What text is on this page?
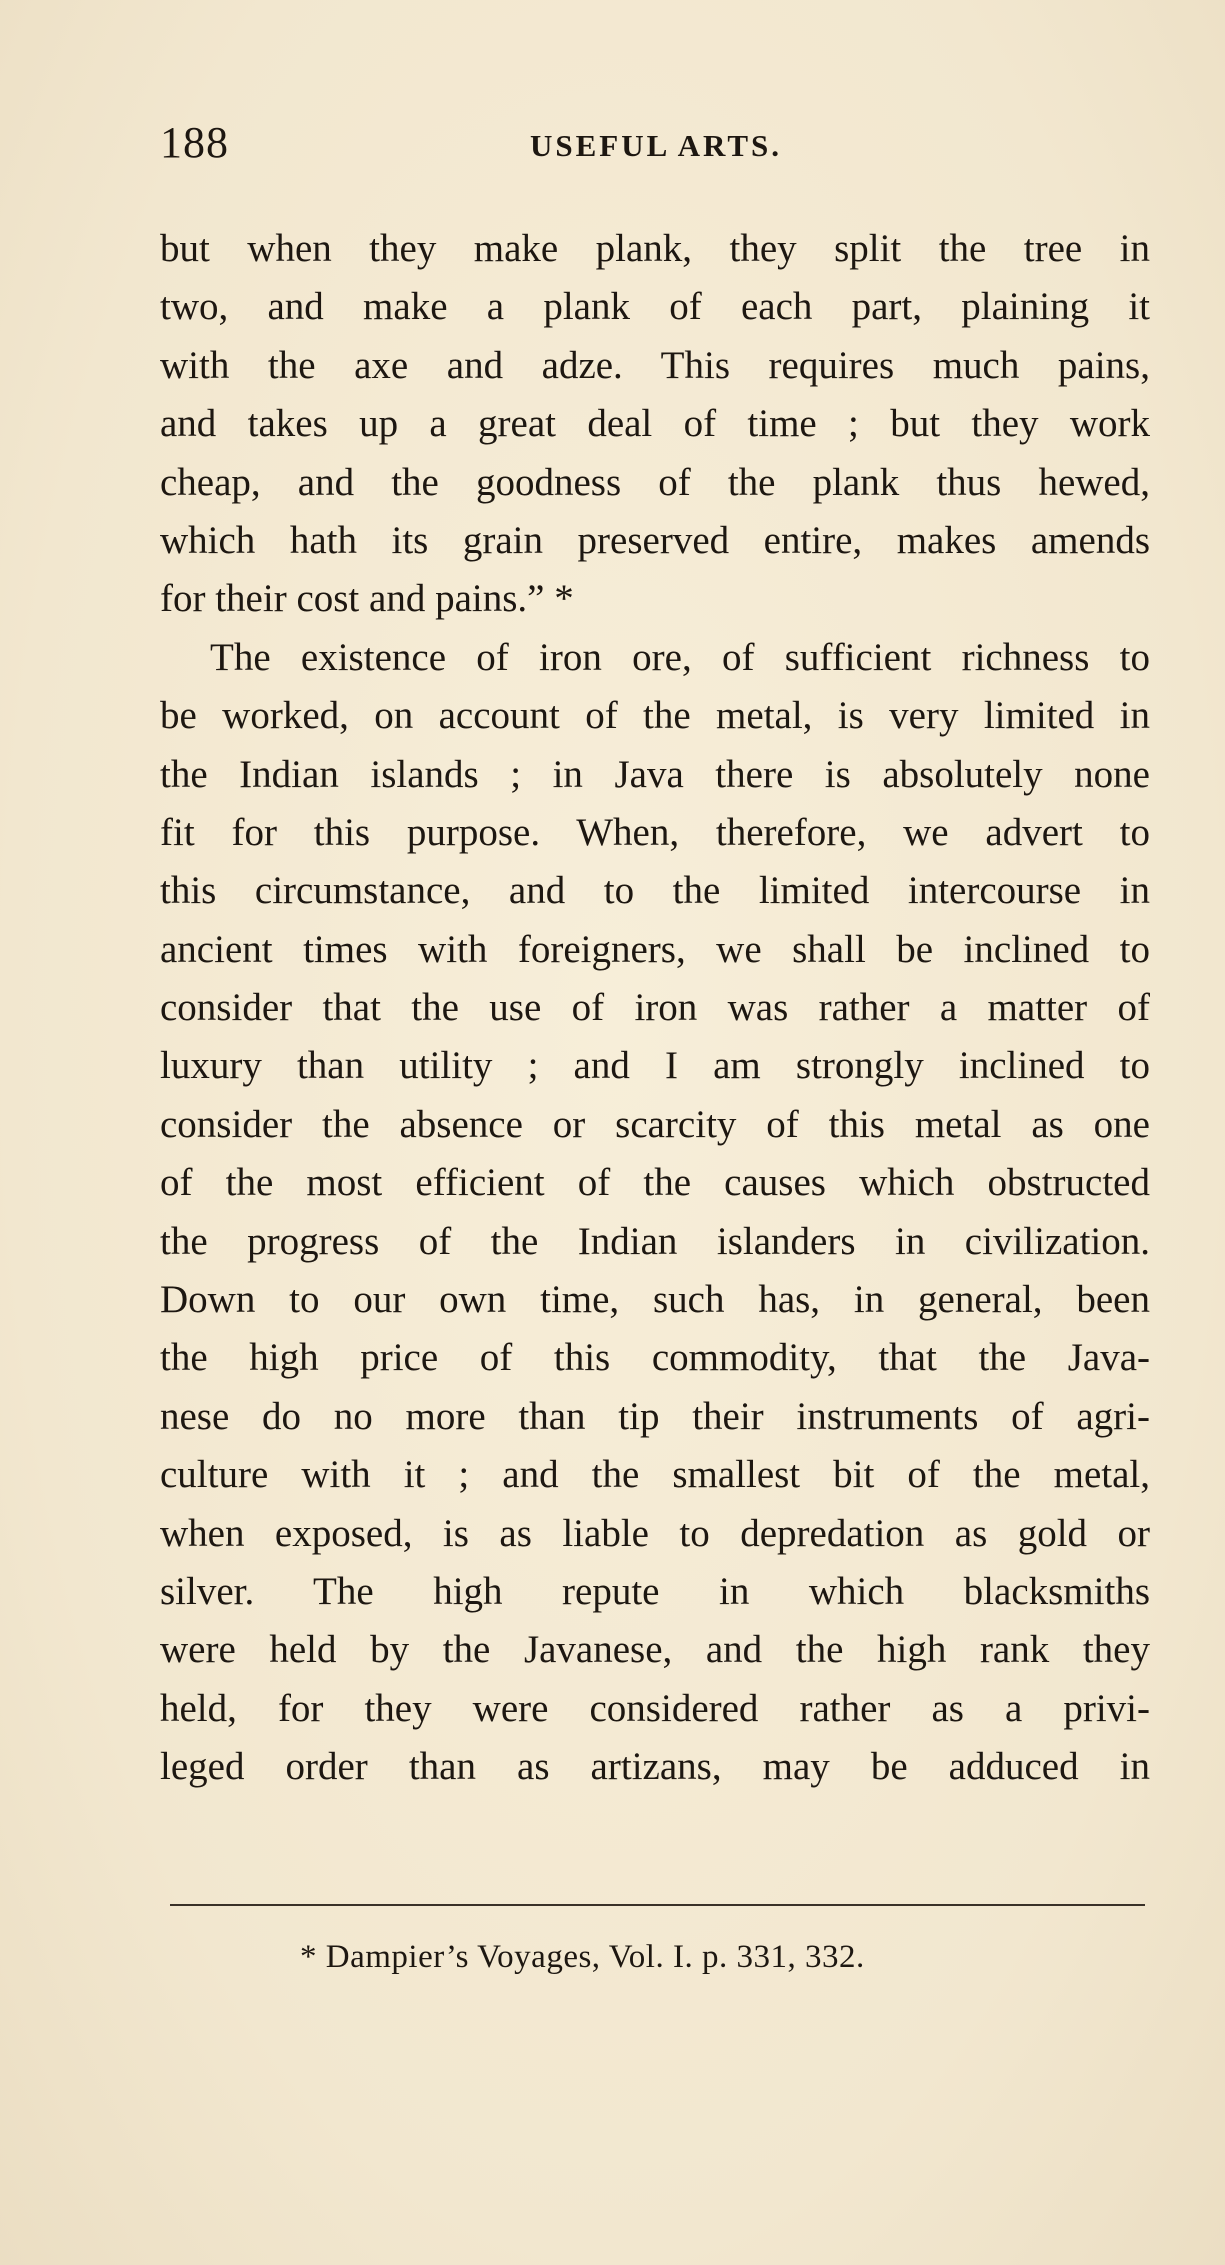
188	USEFUL ARTS.
but when they make plank, they split the tree in
two, and make a plank of each part, plaining it
with the axe and adze. This requires much pains,
and takes up a great deal of time ; but they work
cheap, and the goodness of the plank thus hewed,
which hath its grain preserved entire, makes amends
for their cost and pains.” *
The existence of iron ore, of sufficient richness to
be worked, on account of the metal, is very limited in
the Indian islands ; in Java there is absolutely none
fit for this purpose. When, therefore, we advert to
this circumstance, and to the limited intercourse in
ancient times with foreigners, we shall be inclined to
consider that the use of iron was rather a matter of
luxury than utility ; and I am strongly inclined to
consider the absence or scarcity of this metal as one
of the most efficient of the causes which obstructed
the progress of the Indian islanders in civilization.
Down to our own time, such has, in general, been
the high price of this commodity, that the Java-
nese do no more than tip their instruments of agri-
culture with it ; and the smallest bit of the metal,
when exposed, is as liable to depredation as gold or
silver. The high repute in which blacksmiths
were held by the Javanese, and the high rank they
held, for they were considered rather as a privi-
leged order than as artizans, may be adduced in
* Dampier’s Voyages, Vol. I. p. 331, 332.
